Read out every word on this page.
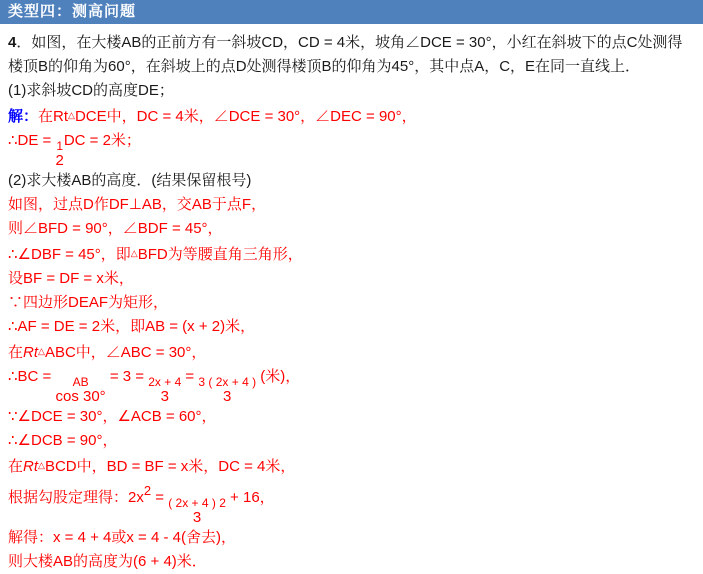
类型四：测高问题
4．如图，在大楼AB的正前方有一斜坡CD，CD = 4米，坡角∠DCE = 30°，小红在斜坡下的点C处测得楼顶B的仰角为60°，在斜坡上的点D处测得楼顶B的仰角为45°，其中点A，C，E在同一直线上．
(1)求斜坡CD的高度DE；
解：在Rt△DCE中，DC = 4米，∠DCE = 30°，∠DEC = 90°，
∴DE = 1
2
DC = 2米；
(2)求大楼AB的高度．(结果保留根号)
如图，过点D作DF⊥AB，交AB于点F，
则∠BFD = 90°，∠BDF = 45°，
∴∠DBF = 45°，即△BFD为等腰直角三角形，
设BF = DF = x米，
∵四边形DEAF为矩形，
∴AF = DE = 2米，即AB = (x + 2)米，
在Rt△ABC中，∠ABC = 30°，
∴BC = AB
cos 30°
= 3 = 2x + 4
3
= 3 ( 2x + 4 )
3
(米)，
∵∠DCE = 30°，∠ACB = 60°，
∴∠DCB = 90°，
在Rt△BCD中，BD = BF = x米，DC = 4米，
根据勾股定理得：2x2 = ( 2x + 4 ) 2
3
+ 16，
解得：x = 4 + 4或x = 4 - 4(舍去)，
则大楼AB的高度为(6 + 4)米．
